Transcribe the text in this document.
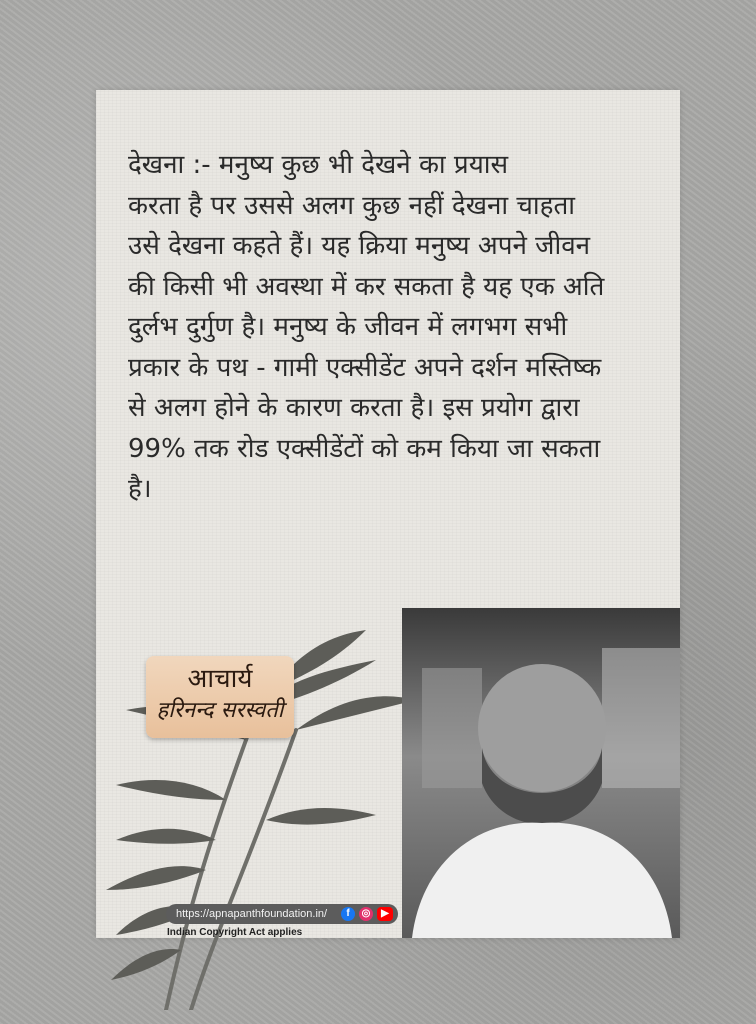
देखना :- मनुष्य कुछ भी देखने का प्रयास
करता है पर उससे अलग कुछ नहीं देखना चाहता
उसे देखना कहते हैं। यह क्रिया मनुष्य अपने जीवन
की किसी भी अवस्था में कर सकता है यह एक अति
दुर्लभ दुर्गुण है। मनुष्य के जीवन में लगभग सभी
प्रकार के पथ - गामी एक्सीडेंट अपने दर्शन मस्तिष्क
से अलग होने के कारण करता है। इस प्रयोग द्वारा
99% तक रोड एक्सीडेंटों को कम किया जा सकता
है।

आचार्य
हरिनन्द सरस्वती
https://apnapanthfoundation.in/	f	◎	▶
Indian Copyright Act applies
